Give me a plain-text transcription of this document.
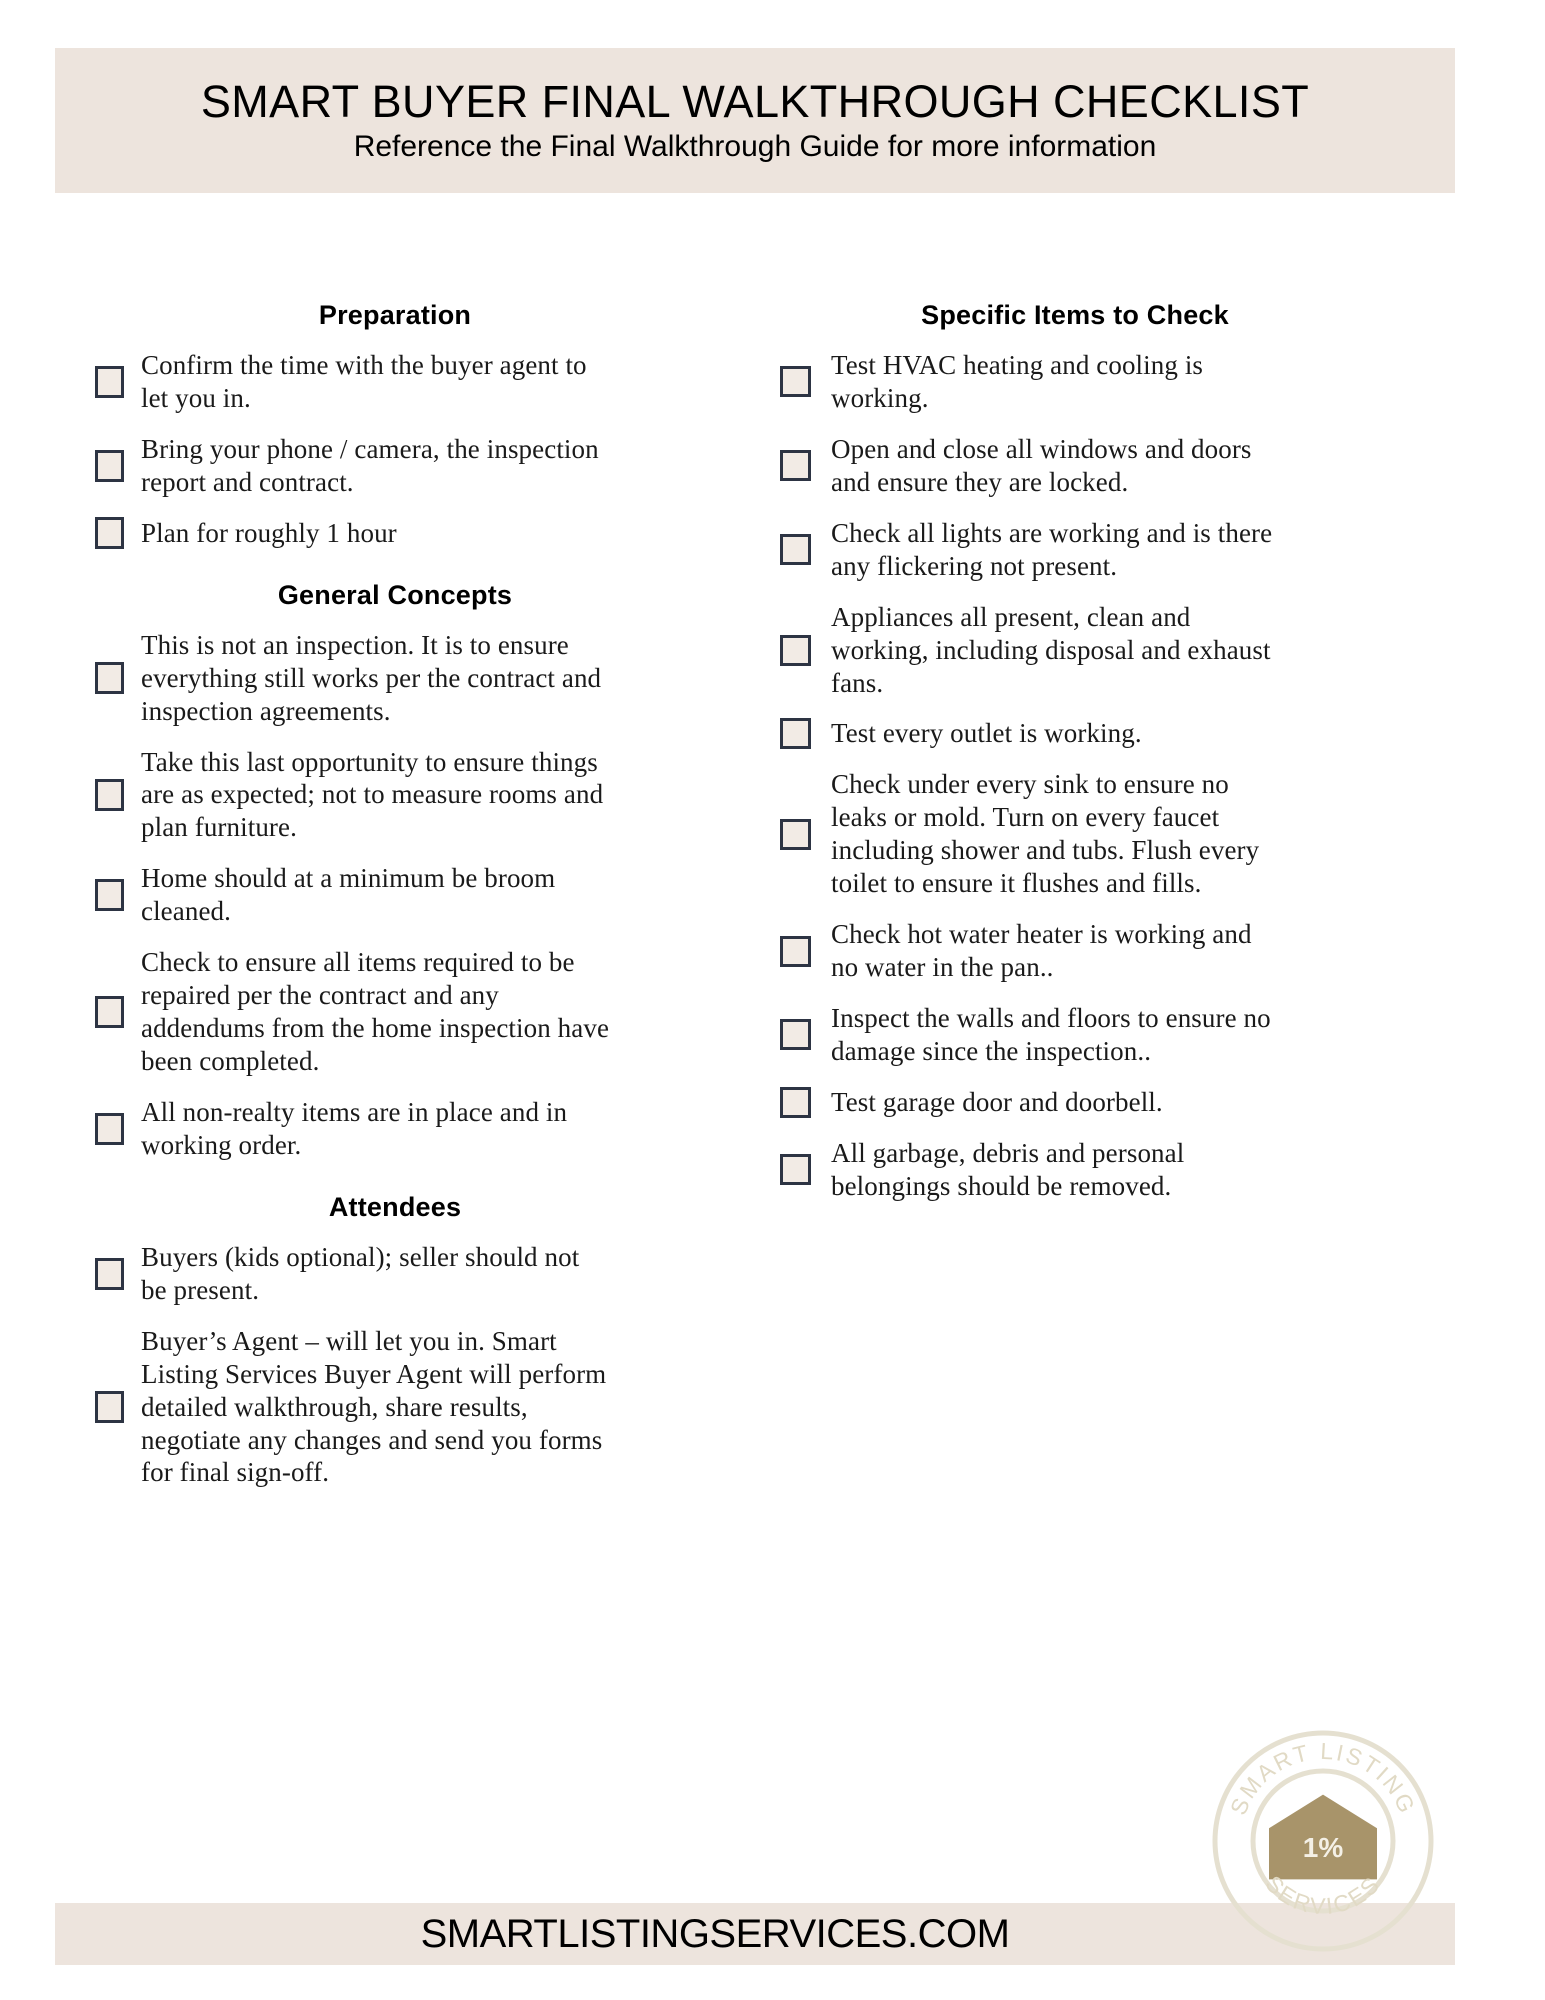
SMART BUYER FINAL WALKTHROUGH CHECKLIST
Reference the Final Walkthrough Guide for more information
Preparation
Confirm the time with the buyer agent to let you in.
Bring your phone / camera, the inspection report and contract.
Plan for roughly 1 hour
General Concepts
This is not an inspection. It is to ensure everything still works per the contract and inspection agreements.
Take this last opportunity to ensure things are as expected; not to measure rooms and plan furniture.
Home should at a minimum be broom cleaned.
Check to ensure all items required to be repaired per the contract and any addendums from the home inspection have been completed.
All non-realty items are in place and in working order.
Attendees
Buyers (kids optional); seller should not be present.
Buyer’s Agent – will let you in. Smart Listing Services Buyer Agent will perform detailed walkthrough, share results, negotiate any changes and send you forms for final sign-off.
Specific Items to Check
Test HVAC heating and cooling is working.
Open and close all windows and doors and ensure they are locked.
Check all lights are working and is there any flickering not present.
Appliances all present, clean and working, including disposal and exhaust fans.
Test every outlet is working.
Check under every sink to ensure no leaks or mold. Turn on every faucet including shower and tubs. Flush every toilet to ensure it flushes and fills.
Check hot water heater is working and no water in the pan..
Inspect the walls and floors to ensure no damage since the inspection..
Test garage door and doorbell.
All garbage, debris and personal belongings should be removed.
SMARTLISTINGSERVICES.COM
1%
SMART LISTING
SERVICES
